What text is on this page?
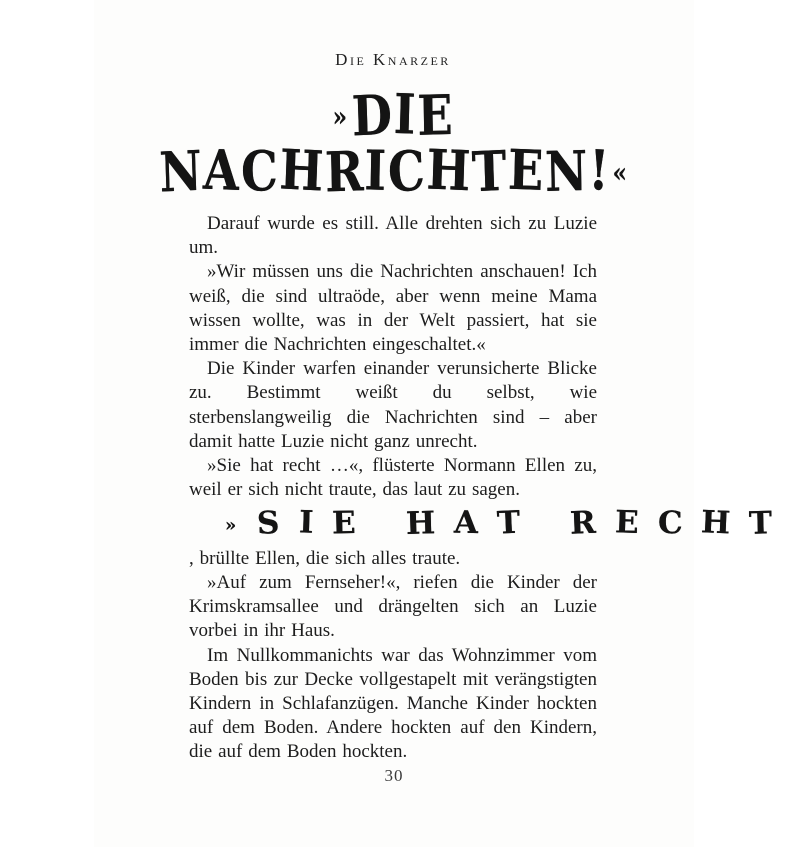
Die Knarzer
»DIE
NACHRICHTEN!«

Darauf wurde es still. Alle drehten sich zu Luzie um.

»Wir müssen uns die Nachrichten anschauen! Ich weiß, die sind ultraöde, aber wenn meine Mama wissen wollte, was in der Welt passiert, hat sie immer die Nachrichten eingeschaltet.«

Die Kinder warfen einander verunsicherte Blicke zu. Bestimmt weißt du selbst, wie sterbenslangweilig die Nachrichten sind – aber damit hatte Luzie nicht ganz unrecht.

»Sie hat recht …«, flüsterte Normann Ellen zu, weil er sich nicht traute, das laut zu sagen.

» S I E H A T R E C H T, brüllte Ellen, die sich alles traute.

»Auf zum Fernseher!«, riefen die Kinder der Krimskramsallee und drängelten sich an Luzie vorbei in ihr Haus.

Im Nullkommanichts war das Wohnzimmer vom Boden bis zur Decke vollgestapelt mit verängstigten Kindern in Schlafanzügen. Manche Kinder hockten auf dem Boden. Andere hockten auf den Kindern, die auf dem Boden hockten.

30
